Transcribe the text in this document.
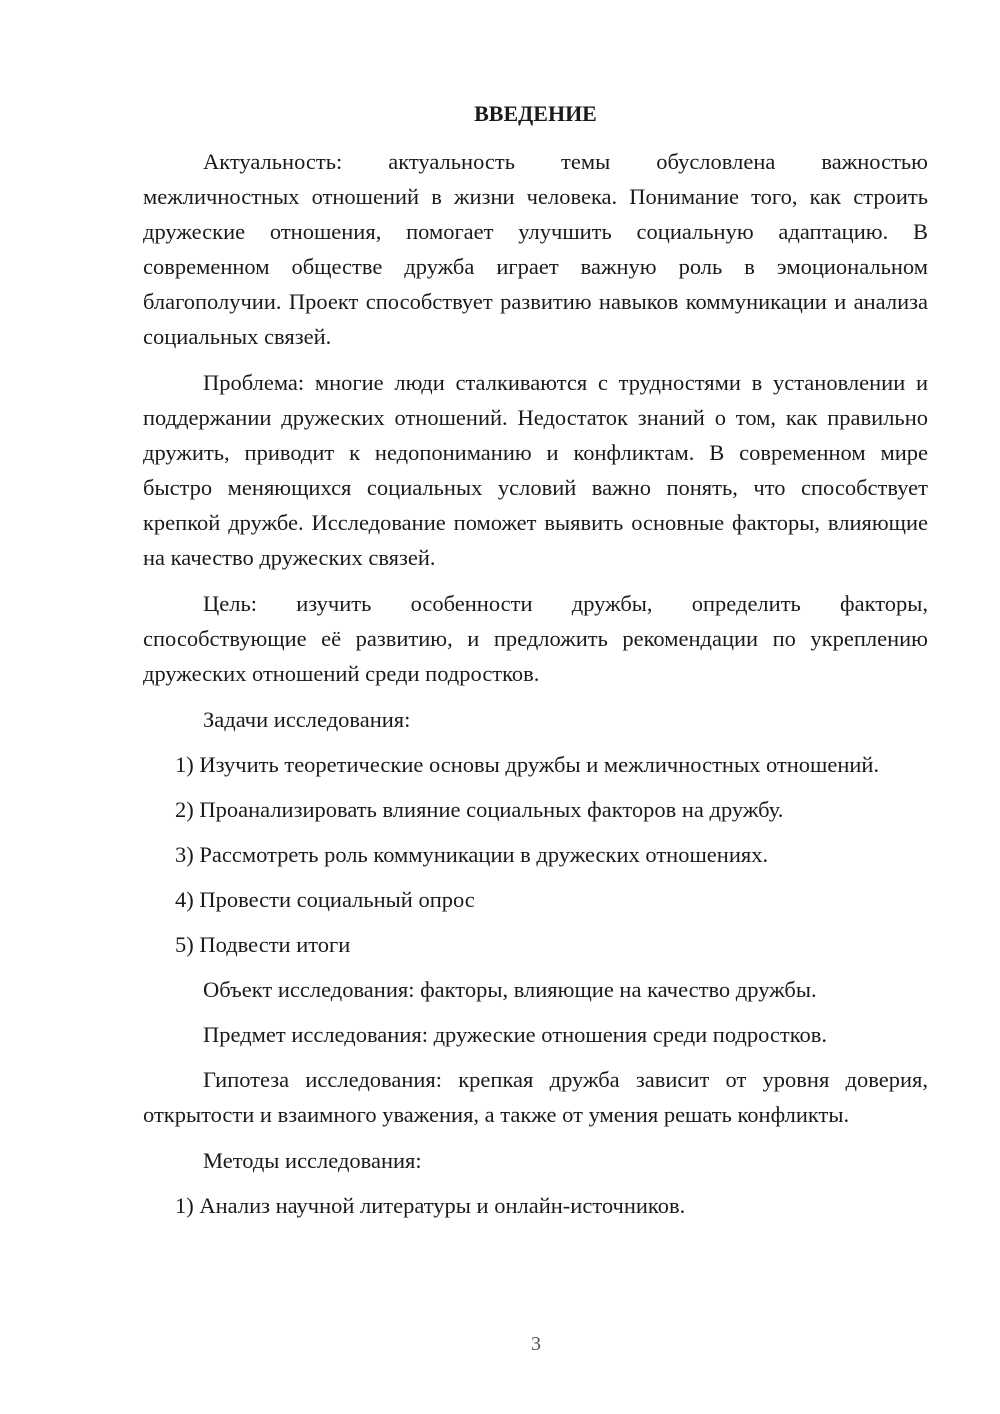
ВВЕДЕНИЕ

Актуальность: актуальность темы обусловлена важностью межличностных отношений в жизни человека. Понимание того, как строить дружеские отношения, помогает улучшить социальную адаптацию. В современном обществе дружба играет важную роль в эмоциональном благополучии. Проект способствует развитию навыков коммуникации и анализа социальных связей.

Проблема: многие люди сталкиваются с трудностями в установлении и поддержании дружеских отношений. Недостаток знаний о том, как правильно дружить, приводит к недопониманию и конфликтам. В современном мире быстро меняющихся социальных условий важно понять, что способствует крепкой дружбе. Исследование поможет выявить основные факторы, влияющие на качество дружеских связей.

Цель: изучить особенности дружбы, определить факторы, способствующие её развитию, и предложить рекомендации по укреплению дружеских отношений среди подростков.

Задачи исследования:

1) Изучить теоретические основы дружбы и межличностных отношений.

2) Проанализировать влияние социальных факторов на дружбу.

3) Рассмотреть роль коммуникации в дружеских отношениях.

4) Провести социальный опрос

5) Подвести итоги

Объект исследования: факторы, влияющие на качество дружбы.

Предмет исследования: дружеские отношения среди подростков.

Гипотеза исследования: крепкая дружба зависит от уровня доверия, открытости и взаимного уважения, а также от умения решать конфликты.

Методы исследования:

1) Анализ научной литературы и онлайн-источников.

3
